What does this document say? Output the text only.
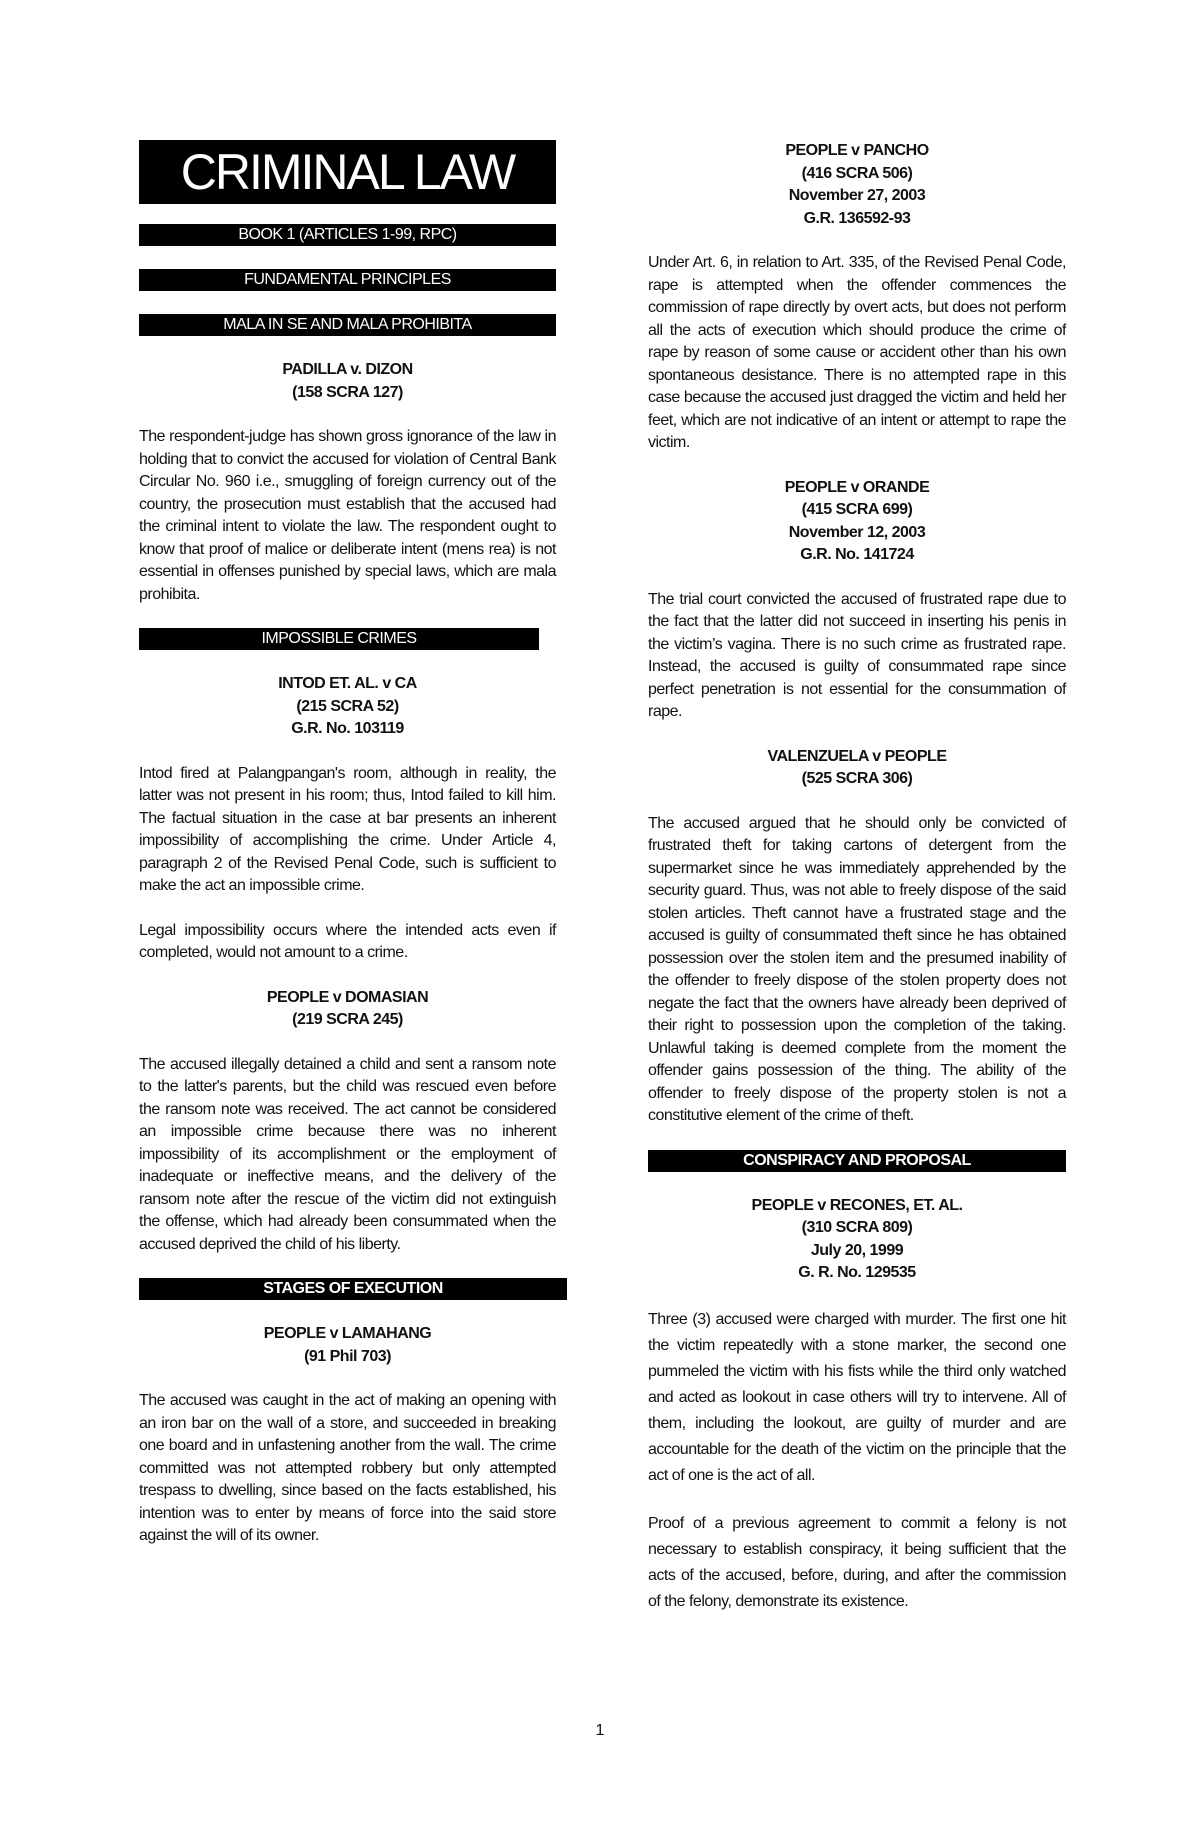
CRIMINAL LAW
BOOK 1 (ARTICLES 1-99, RPC)
FUNDAMENTAL PRINCIPLES
MALA IN SE AND MALA PROHIBITA
PADILLA v. DIZON
(158 SCRA 127)

The respondent-judge has shown gross ignorance of the law in holding that to convict the accused for violation of Central Bank Circular No. 960 i.e., smuggling of foreign currency out of the country, the prosecution must establish that the accused had the criminal intent to violate the law. The respondent ought to know that proof of malice or deliberate intent (mens rea) is not essential in offenses punished by special laws, which are mala prohibita.

IMPOSSIBLE CRIMES
INTOD ET. AL. v CA
(215 SCRA 52)
G.R. No. 103119

Intod fired at Palangpangan's room, although in reality, the latter was not present in his room; thus, Intod failed to kill him. The factual situation in the case at bar presents an inherent impossibility of accomplishing the crime. Under Article 4, paragraph 2 of the Revised Penal Code, such is sufficient to make the act an impossible crime.

Legal impossibility occurs where the intended acts even if completed, would not amount to a crime.

PEOPLE v DOMASIAN
(219 SCRA 245)

The accused illegally detained a child and sent a ransom note to the latter's parents, but the child was rescued even before the ransom note was received. The act cannot be considered an impossible crime because there was no inherent impossibility of its accomplishment or the employment of inadequate or ineffective means, and the delivery of the ransom note after the rescue of the victim did not extinguish the offense, which had already been consummated when the accused deprived the child of his liberty.

STAGES OF EXECUTION
PEOPLE v LAMAHANG
(91 Phil 703)

The accused was caught in the act of making an opening with an iron bar on the wall of a store, and succeeded in breaking one board and in unfastening another from the wall. The crime committed was not attempted robbery but only attempted trespass to dwelling, since based on the facts established, his intention was to enter by means of force into the said store against the will of its owner.

PEOPLE v PANCHO
(416 SCRA 506)
November 27, 2003
G.R. 136592-93

Under Art. 6, in relation to Art. 335, of the Revised Penal Code, rape is attempted when the offender commences the commission of rape directly by overt acts, but does not perform all the acts of execution which should produce the crime of rape by reason of some cause or accident other than his own spontaneous desistance. There is no attempted rape in this case because the accused just dragged the victim and held her feet, which are not indicative of an intent or attempt to rape the victim.

PEOPLE v ORANDE
(415 SCRA 699)
November 12, 2003
G.R. No. 141724

The trial court convicted the accused of frustrated rape due to the fact that the latter did not succeed in inserting his penis in the victim’s vagina. There is no such crime as frustrated rape. Instead, the accused is guilty of consummated rape since perfect penetration is not essential for the consummation of rape.

VALENZUELA v PEOPLE
(525 SCRA 306)

The accused argued that he should only be convicted of frustrated theft for taking cartons of detergent from the supermarket since he was immediately apprehended by the security guard. Thus, was not able to freely dispose of the said stolen articles. Theft cannot have a frustrated stage and the accused is guilty of consummated theft since he has obtained possession over the stolen item and the presumed inability of the offender to freely dispose of the stolen property does not negate the fact that the owners have already been deprived of their right to possession upon the completion of the taking. Unlawful taking is deemed complete from the moment the offender gains possession of the thing. The ability of the offender to freely dispose of the property stolen is not a constitutive element of the crime of theft.

CONSPIRACY AND PROPOSAL
PEOPLE v RECONES, ET. AL.
(310 SCRA 809)
July 20, 1999
G. R. No. 129535

Three (3) accused were charged with murder. The first one hit the victim repeatedly with a stone marker, the second one pummeled the victim with his fists while the third only watched and acted as lookout in case others will try to intervene. All of them, including the lookout, are guilty of murder and are accountable for the death of the victim on the principle that the act of one is the act of all.

Proof of a previous agreement to commit a felony is not necessary to establish conspiracy, it being sufficient that the acts of the accused, before, during, and after the commission of the felony, demonstrate its existence.

1
